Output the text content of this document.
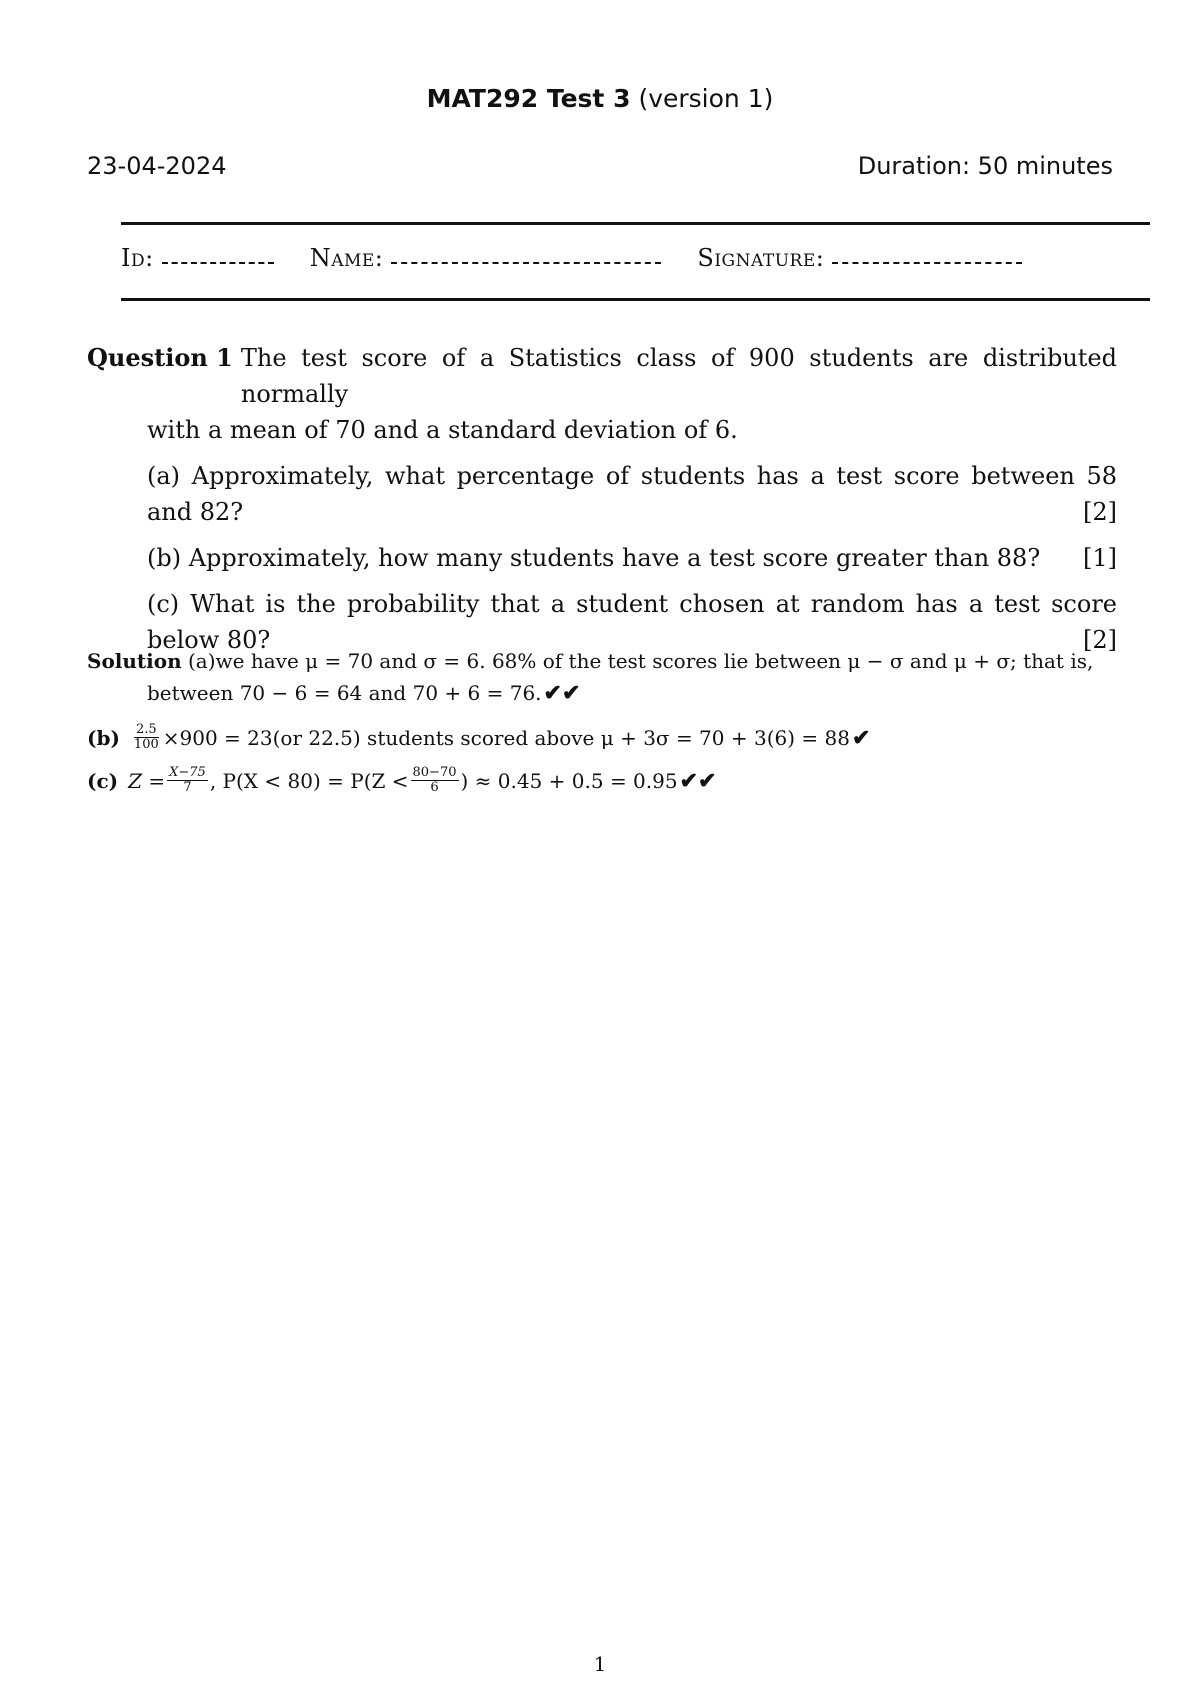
MAT292 Test 3 (version 1)
23-04-2024	Duration: 50 minutes
Id:	Name:	Signature:
Question 1 The test score of a Statistics class of 900 students are distributed normally
with a mean of 70 and a standard deviation of 6.
(a) Approximately, what percentage of students has a test score between 58 and 82?	[2]
(b) Approximately, how many students have a test score greater than 88? [1]
(c) What is the probability that a student chosen at random has a test score below 80?	[2]
Solution (a)we have μ = 70 and σ = 6. 68% of the test scores lie between μ − σ and μ + σ; that is,
between 70 − 6 = 64 and 70 + 6 = 76.✔✔
$(b) \frac{2.5}{100} \times 900 = 23(or$ 22.5) students scored above μ + 3σ = 70 + 3(6) = 88 ✔
(c) $Z = \frac{X-75}{7}$ , $P(X < 80) = P(Z < \frac{80-70}{6}$ ) ≈ 0.45 + 0.5 = 0.95 ✔✔
1
